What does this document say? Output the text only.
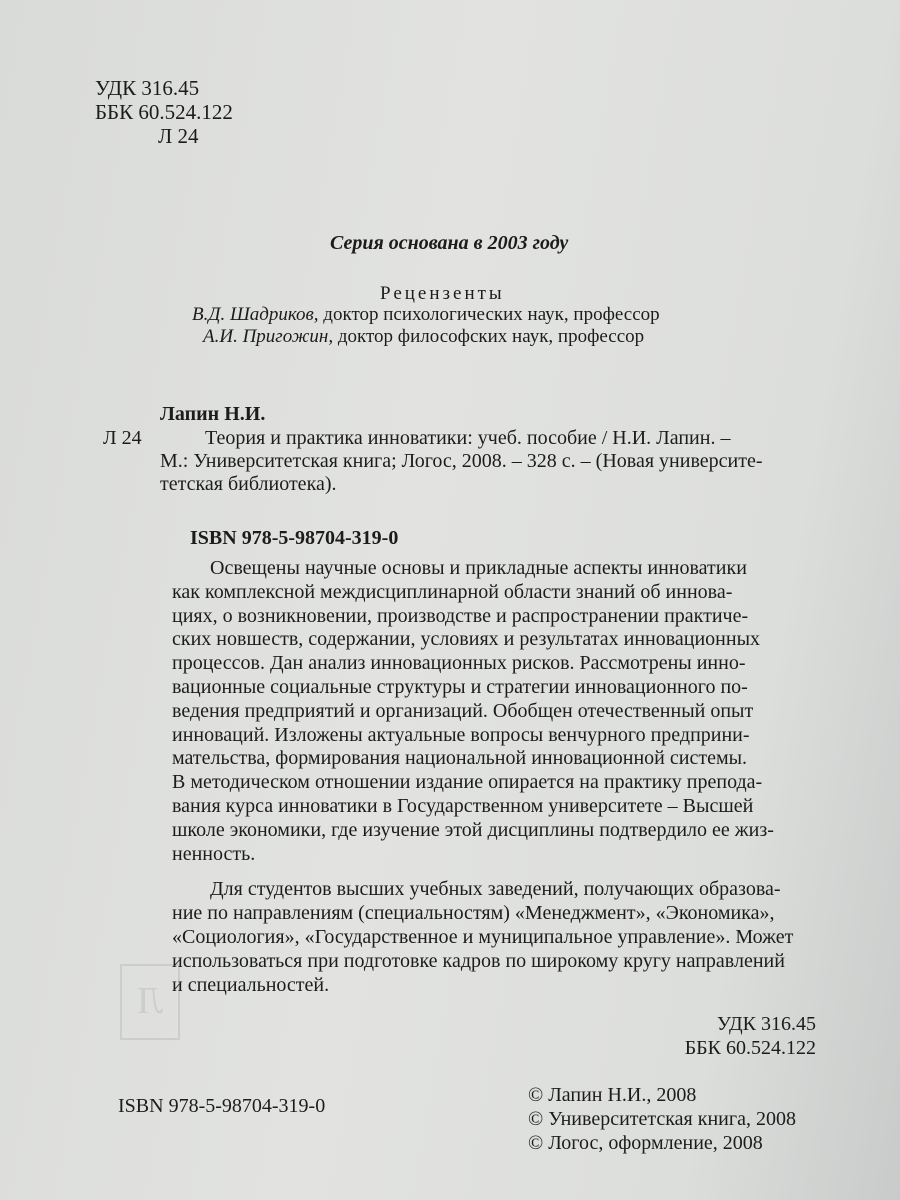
Л
УДК 316.45
ББК 60.524.122
Л 24
Серия основана в 2003 году
Рецензенты
В.Д. Шадриков, доктор психологических наук, профессор
А.И. Пригожин, доктор философских наук, профессор
Лапин Н.И.
Л 24	Теория и практика инноватики: учеб. пособие / Н.И. Лапин. –
М.: Университетская книга; Логос, 2008. – 328 с. – (Новая университе-
тетская библиотека).
ISBN 978-5-98704-319-0
Освещены научные основы и прикладные аспекты инноватики
как комплексной междисциплинарной области знаний об иннова-
циях, о возникновении, производстве и распространении практиче-
ских новшеств, содержании, условиях и результатах инновационных
процессов. Дан анализ инновационных рисков. Рассмотрены инно-
вационные социальные структуры и стратегии инновационного по-
ведения предприятий и организаций. Обобщен отечественный опыт
инноваций. Изложены актуальные вопросы венчурного предприни-
мательства, формирования национальной инновационной системы.
В методическом отношении издание опирается на практику препода-
вания курса инноватики в Государственном университете – Высшей
школе экономики, где изучение этой дисциплины подтвердило ее жиз-
ненность.
Для студентов высших учебных заведений, получающих образова-
ние по направлениям (специальностям) «Менеджмент», «Экономика»,
«Социология», «Государственное и муниципальное управление». Может
использоваться при подготовке кадров по широкому кругу направлений
и специальностей.
УДК 316.45
ББК 60.524.122
ISBN 978-5-98704-319-0	© Лапин Н.И., 2008
© Университетская книга, 2008
© Логос, оформление, 2008
